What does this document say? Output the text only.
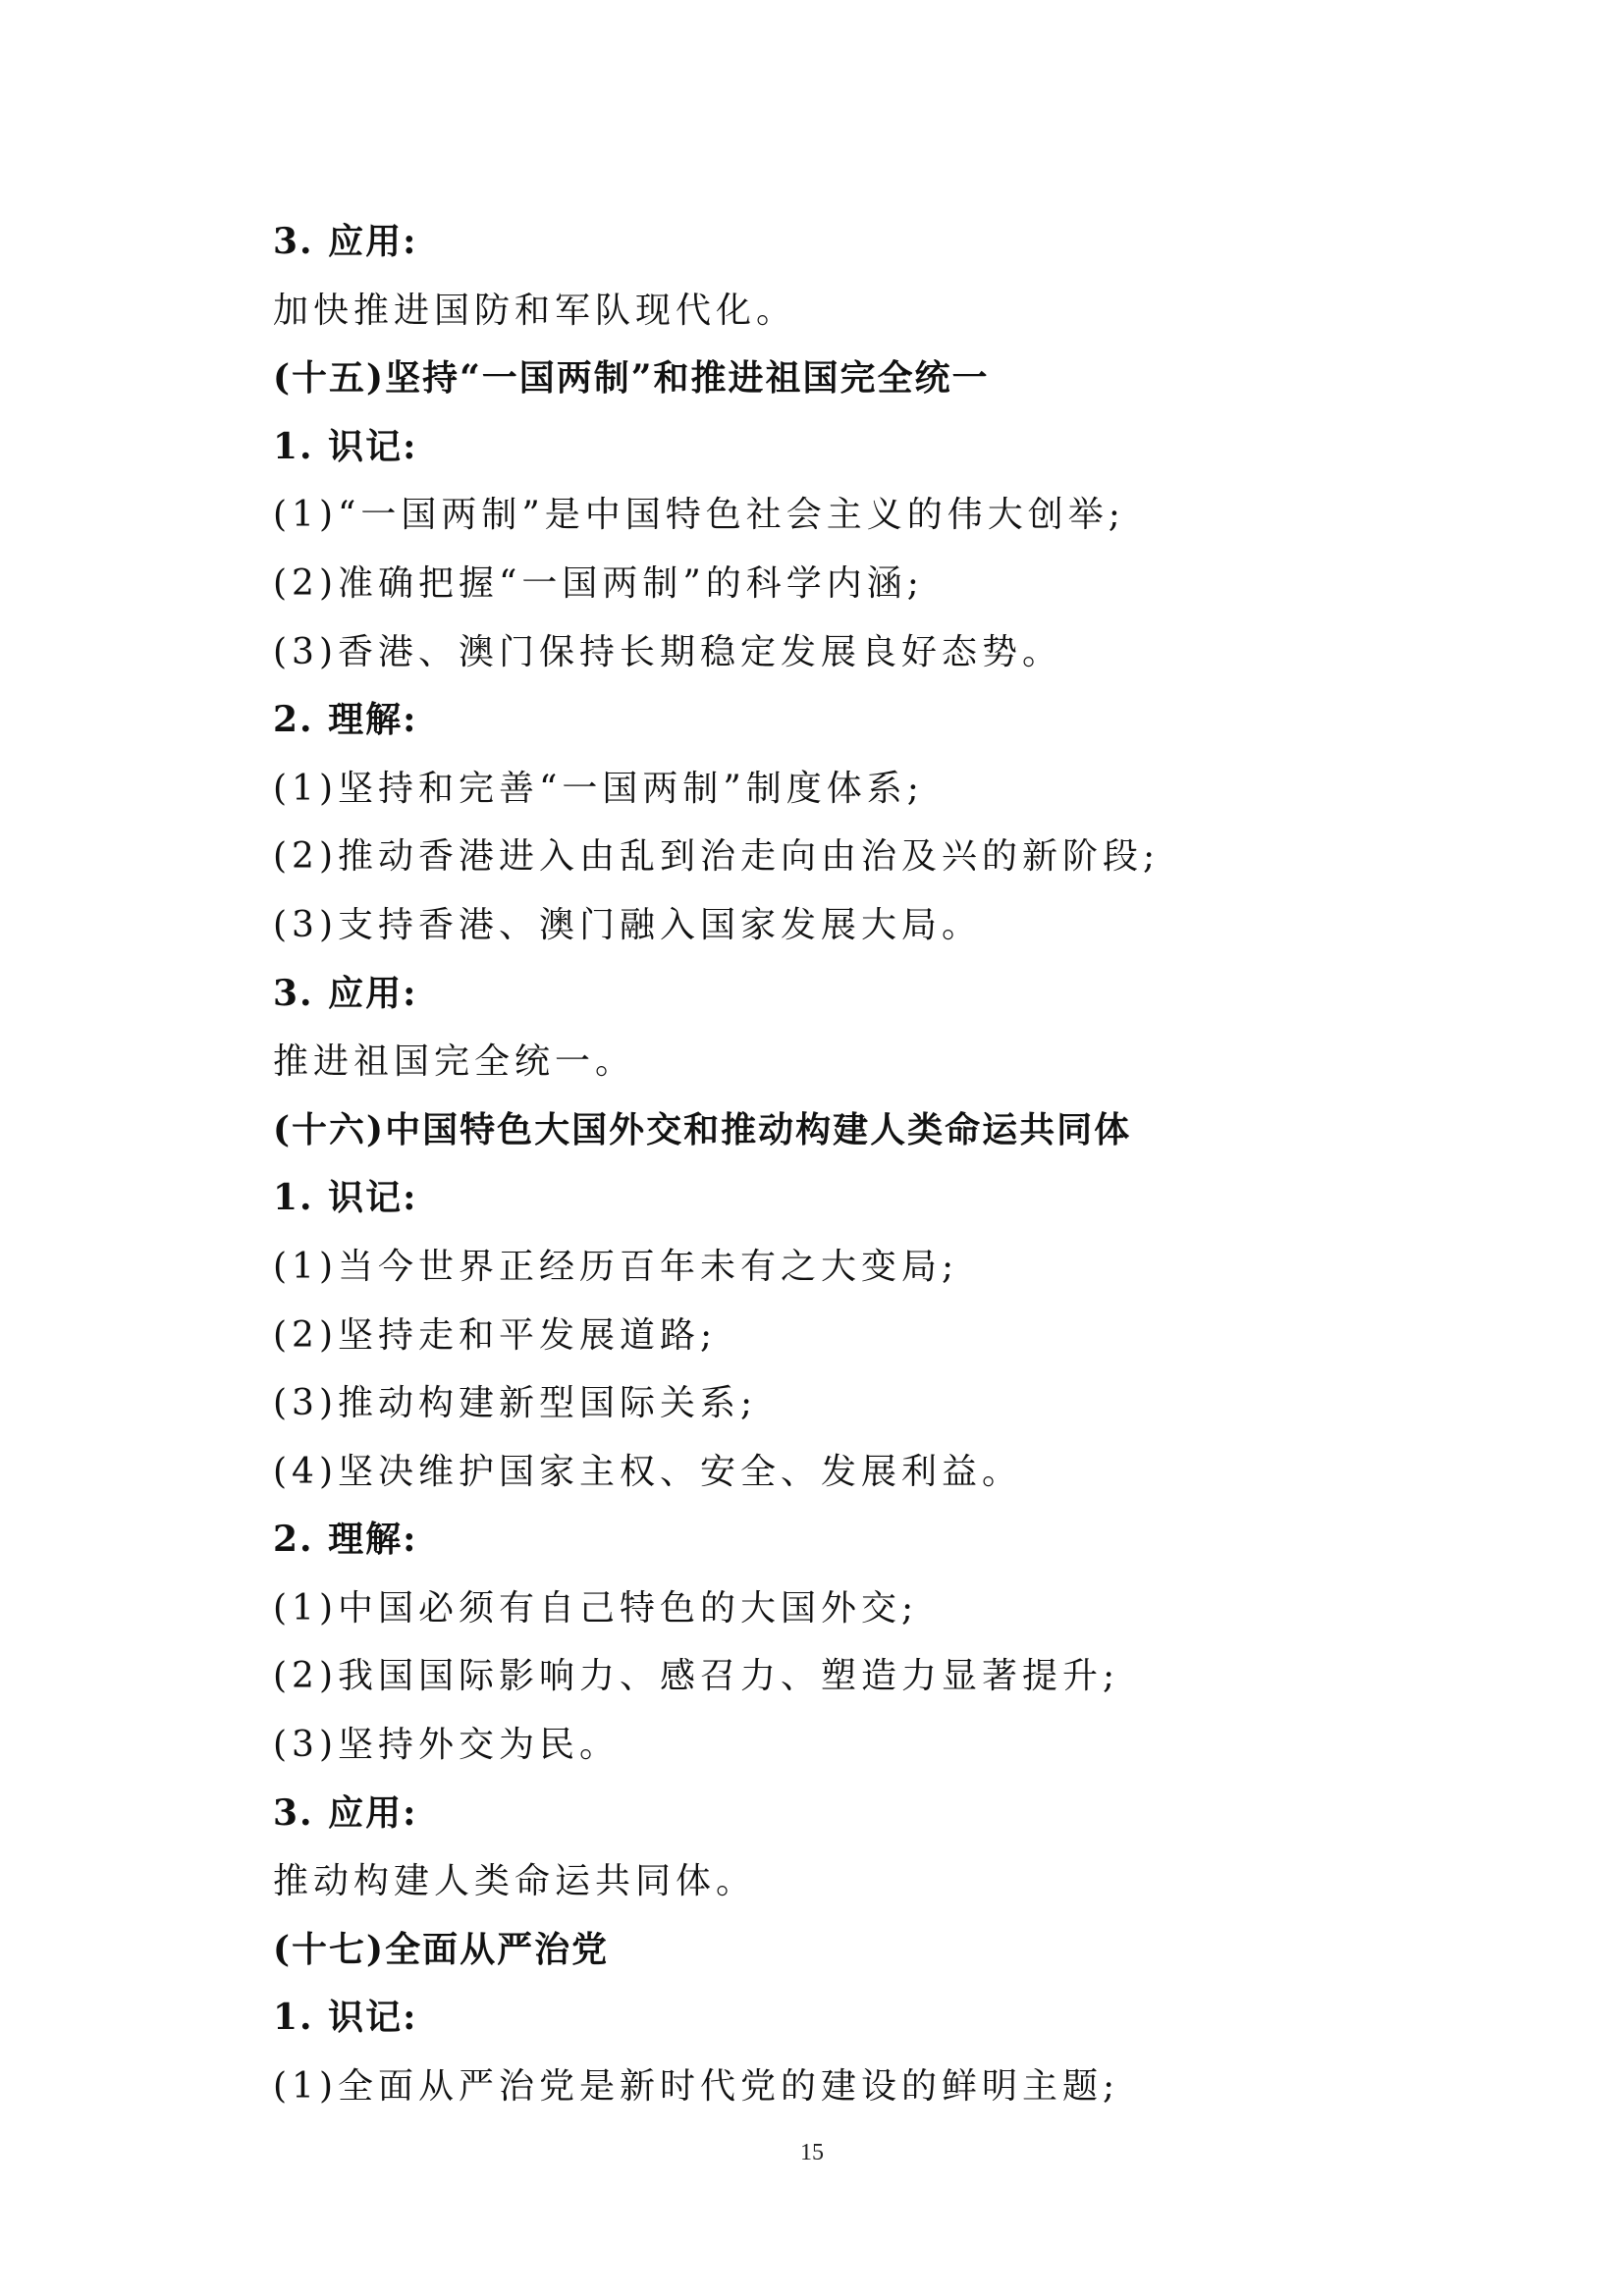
3. 应用:
加快推进国防和军队现代化。
(十五)坚持“一国两制”和推进祖国完全统一
1. 识记:
(1)“一国两制”是中国特色社会主义的伟大创举;
(2)准确把握“一国两制”的科学内涵;
(3)香港、澳门保持长期稳定发展良好态势。
2. 理解:
(1)坚持和完善“一国两制”制度体系;
(2)推动香港进入由乱到治走向由治及兴的新阶段;
(3)支持香港、澳门融入国家发展大局。
3. 应用:
推进祖国完全统一。
(十六)中国特色大国外交和推动构建人类命运共同体
1. 识记:
(1)当今世界正经历百年未有之大变局;
(2)坚持走和平发展道路;
(3)推动构建新型国际关系;
(4)坚决维护国家主权、安全、发展利益。
2. 理解:
(1)中国必须有自己特色的大国外交;
(2)我国国际影响力、感召力、塑造力显著提升;
(3)坚持外交为民。
3. 应用:
推动构建人类命运共同体。
(十七)全面从严治党
1. 识记:
(1)全面从严治党是新时代党的建设的鲜明主题;
15
